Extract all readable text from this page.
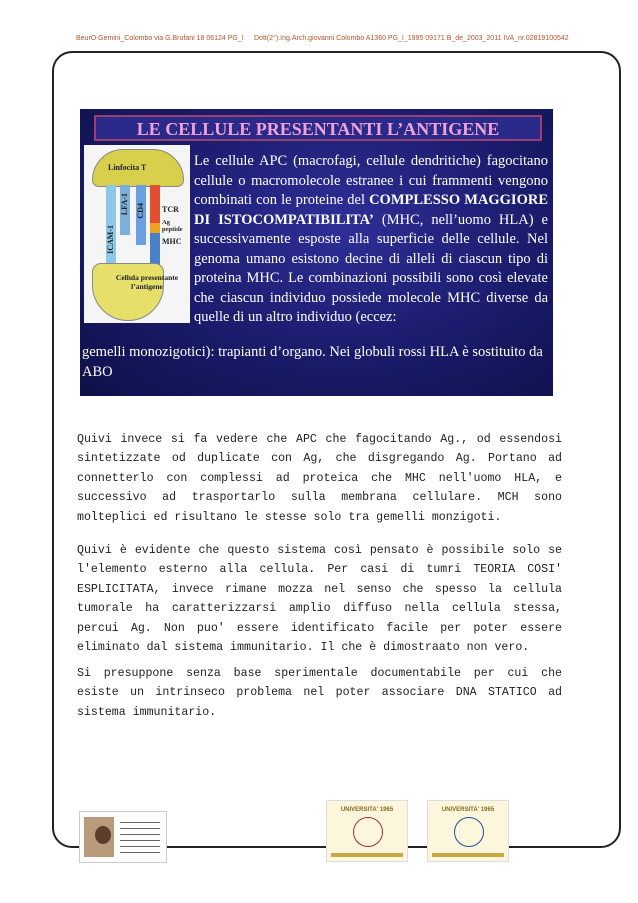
BeurO Gemini_Colombo via G.Brufani 18 06124 PG_I Dott(2°).Ing.Arch.giovanni Colombo A1360 PG_I_1995 09171 B_de_2003_2011 IVA_nr.02819100542
LE CELLULE PRESENTANTI L’ANTIGENE
Linfocita T
ICAM-1
LFA-1 CD4 TCR
Ag peptide
MHC
Cellula presentante l’antigene
Le cellule APC (macrofagi, cellule dendritiche) fagocitano cellule o macromolecole estranee i cui frammenti vengono combinati con le proteine del COMPLESSO MAGGIORE DI ISTOCOMPATIBILITA’ (MHC, nell’uomo HLA) e successivamente esposte alla superficie delle cellule. Nel genoma umano esistono decine di alleli di ciascun tipo di proteina MHC. Le combinazioni possibili sono così elevate che ciascun individuo possiede molecole MHC diverse da quelle di un altro individuo (eccez:
gemelli monozigotici): trapianti d’organo. Nei globuli rossi HLA è sostituito da ABO
Quivi invece si fa vedere che APC che fagocitando Ag., od essendosi sintetizzate od duplicate con Ag, che disgregando Ag. Portano ad connetterlo con complessi ad proteica che MHC nell'uomo HLA, e successivo ad trasportarlo sulla membrana cellulare. MCH sono molteplici ed risultano le stesse solo tra gemelli monzigoti.
Quivi è evidente che questo sistema così pensato è possibile solo se l'elemento esterno alla cellula. Per casi di tumri TEORIA COSI' ESPLICITATA, invece rimane mozza nel senso che spesso la cellula tumorale ha caratterizzarsi amplio diffuso nella cellula stessa, percui Ag. Non puo' essere identificato facile per poter essere eliminato dal sistema immunitario. Il che è dimostraato non vero.
Si presuppone senza base sperimentale documentabile per cui che esiste un intrinseco problema nel poter associare DNA STATICO ad sistema immunitario.
UNIVERSITA' 1965	UNIVERSITA' 1965
